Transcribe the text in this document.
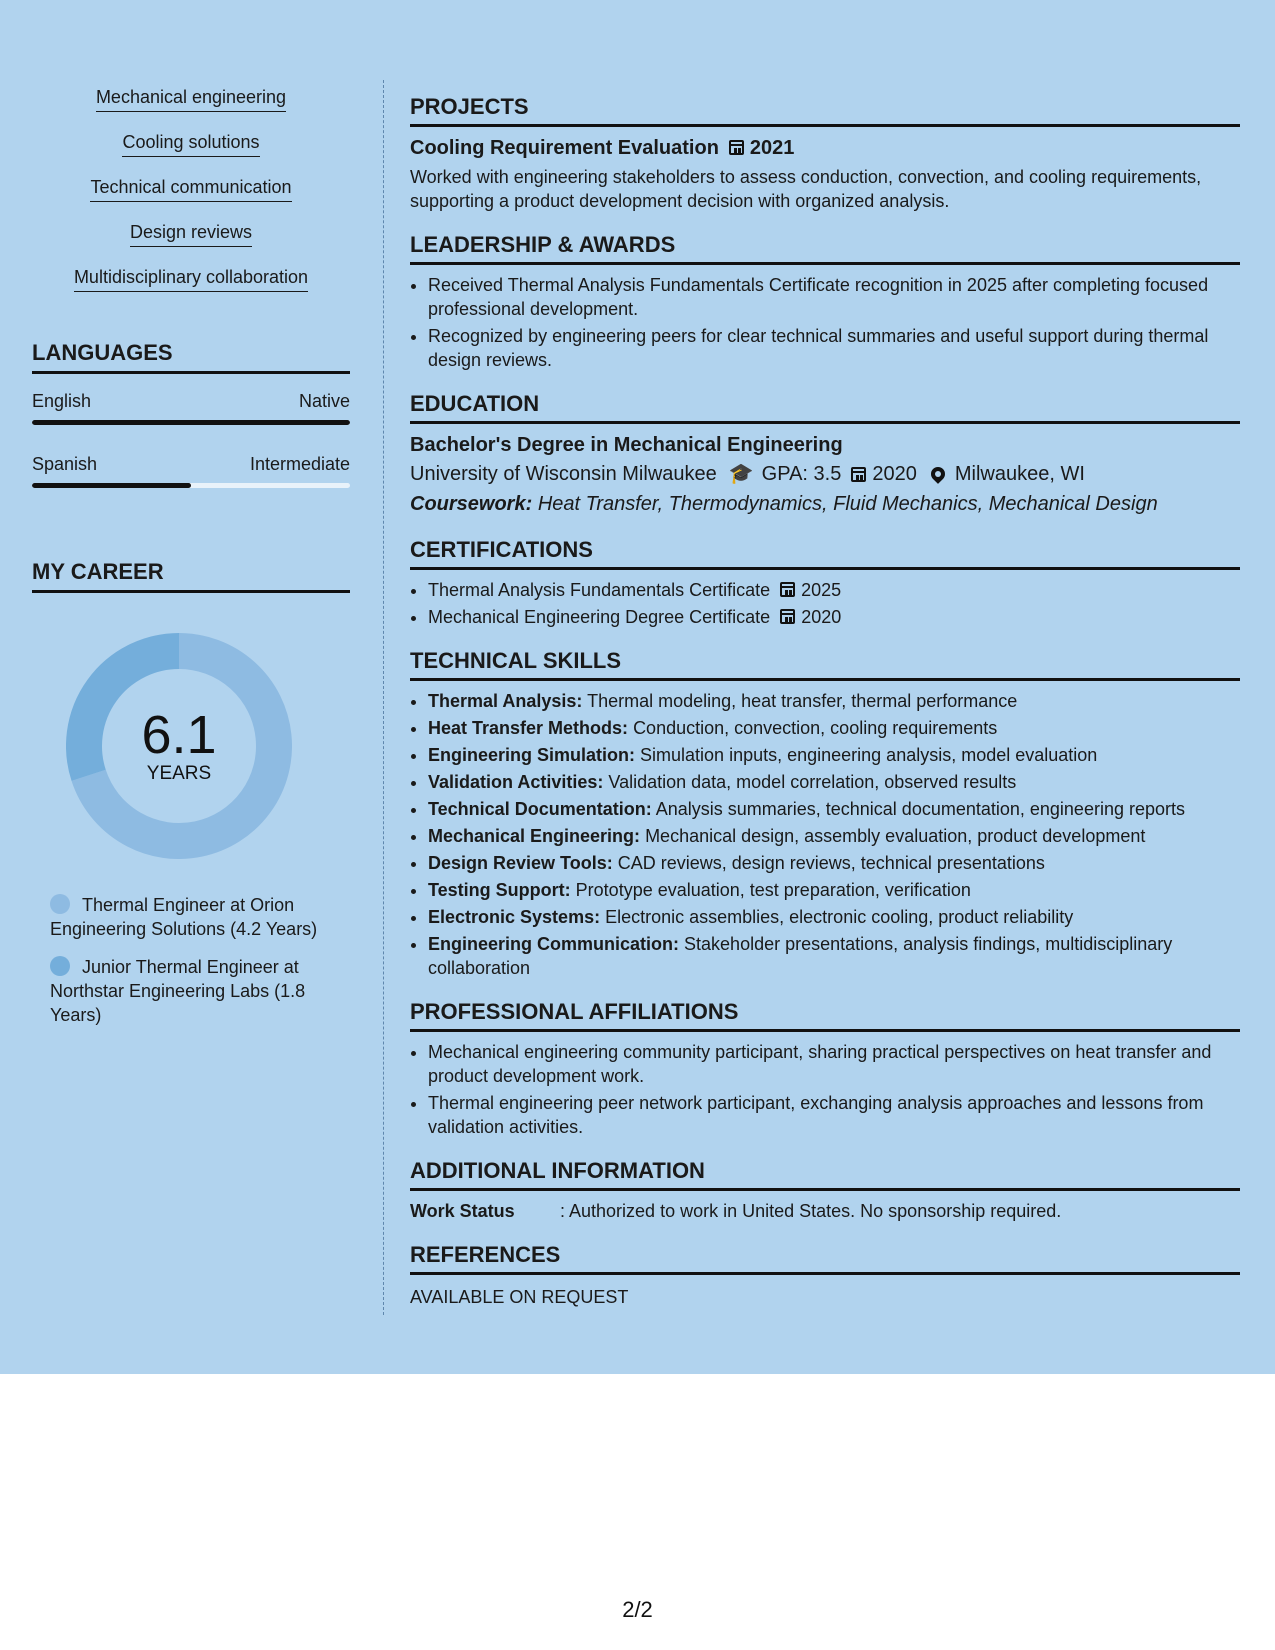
Mechanical engineering
Cooling solutions
Technical communication
Design reviews
Multidisciplinary collaboration
LANGUAGES
English	Native
Spanish	Intermediate
MY CAREER
6.1
YEARS
Thermal Engineer at Orion Engineering Solutions (4.2 Years)
Junior Thermal Engineer at Northstar Engineering Labs (1.8 Years)
PROJECTS
Cooling Requirement Evaluation 2021

Worked with engineering stakeholders to assess conduction, convection, and cooling requirements, supporting a product development decision with organized analysis.

LEADERSHIP & AWARDS
• Received Thermal Analysis Fundamentals Certificate recognition in 2025 after completing focused professional development.
• Recognized by engineering peers for clear technical summaries and useful support during thermal design reviews.
EDUCATION
Bachelor's Degree in Mechanical Engineering
University of Wisconsin Milwaukee 🎓 GPA: 3.5 2020 Milwaukee, WI

Coursework: Heat Transfer, Thermodynamics, Fluid Mechanics, Mechanical Design

CERTIFICATIONS
• Thermal Analysis Fundamentals Certificate 2025
• Mechanical Engineering Degree Certificate 2020
TECHNICAL SKILLS
• Thermal Analysis: Thermal modeling, heat transfer, thermal performance
• Heat Transfer Methods: Conduction, convection, cooling requirements
• Engineering Simulation: Simulation inputs, engineering analysis, model evaluation
• Validation Activities: Validation data, model correlation, observed results
• Technical Documentation: Analysis summaries, technical documentation, engineering reports
• Mechanical Engineering: Mechanical design, assembly evaluation, product development
• Design Review Tools: CAD reviews, design reviews, technical presentations
• Testing Support: Prototype evaluation, test preparation, verification
• Electronic Systems: Electronic assemblies, electronic cooling, product reliability
• Engineering Communication: Stakeholder presentations, analysis findings, multidisciplinary collaboration
PROFESSIONAL AFFILIATIONS
• Mechanical engineering community participant, sharing practical perspectives on heat transfer and product development work.
• Thermal engineering peer network participant, exchanging analysis approaches and lessons from validation activities.
ADDITIONAL INFORMATION
Work Status	: Authorized to work in United States. No sponsorship required.
REFERENCES
AVAILABLE ON REQUEST
2/2
